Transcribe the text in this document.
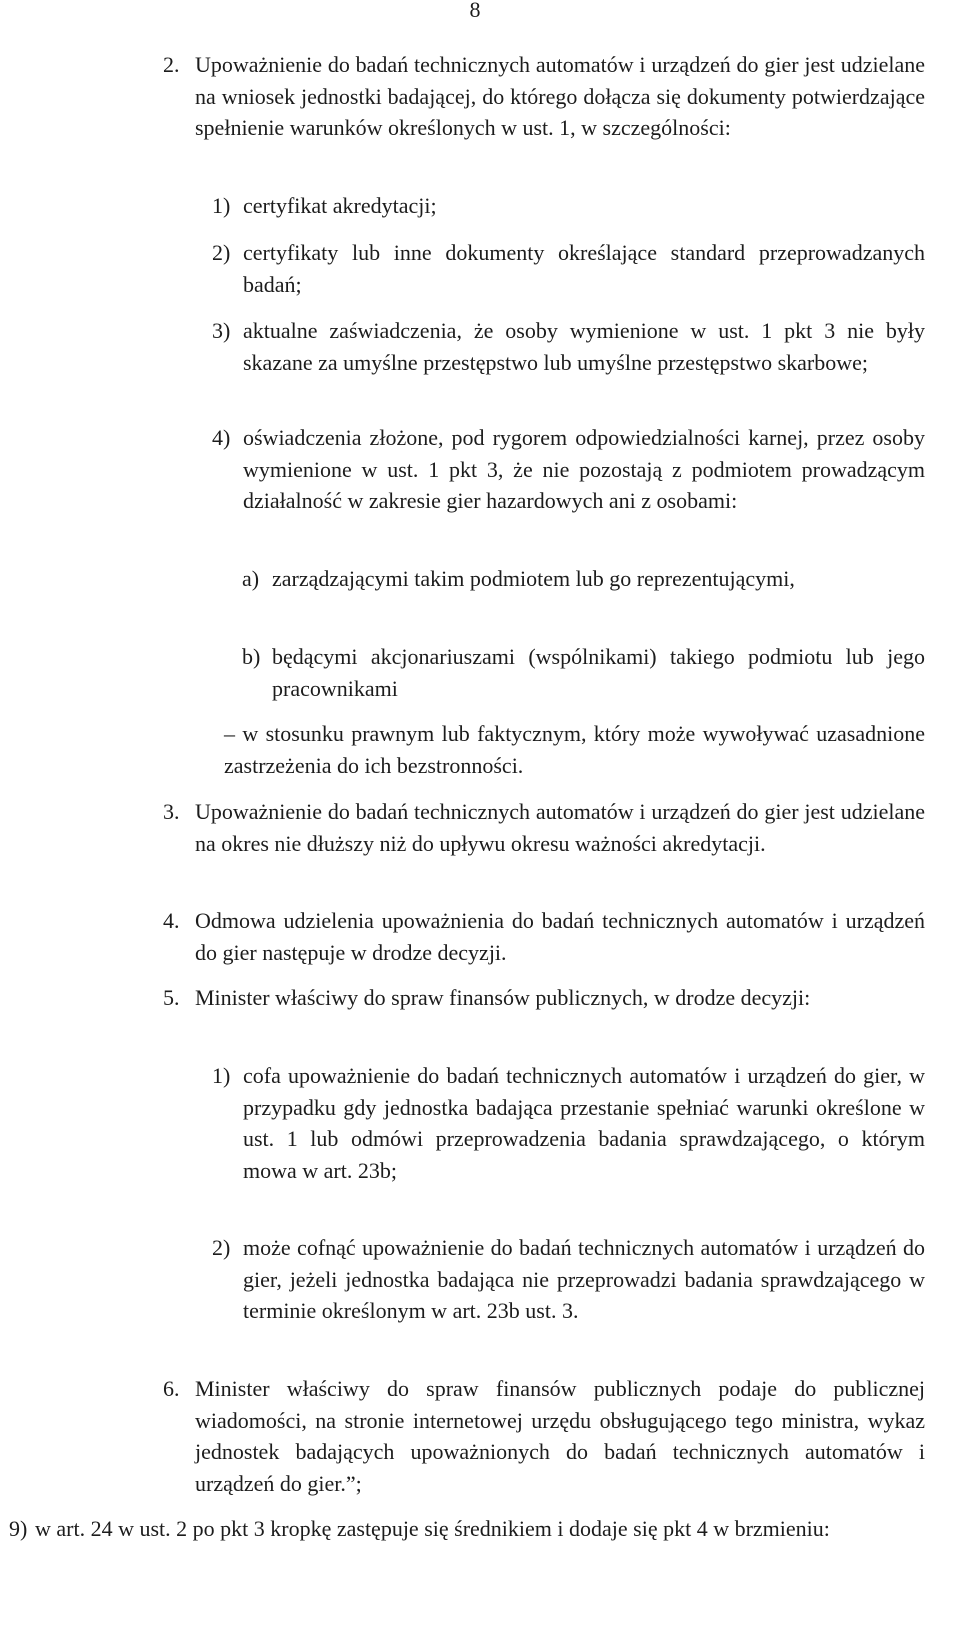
8

2. Upoważnienie do badań technicznych automatów i urządzeń do gier jest udzielane na wniosek jednostki badającej, do którego dołącza się dokumenty potwierdzające spełnienie warunków określonych w ust. 1, w szczególności:

1) certyfikat akredytacji;

2) certyfikaty lub inne dokumenty określające standard przeprowadzanych badań;

3) aktualne zaświadczenia, że osoby wymienione w ust. 1 pkt 3 nie były skazane za umyślne przestępstwo lub umyślne przestępstwo skarbowe;

4) oświadczenia złożone, pod rygorem odpowiedzialności karnej, przez osoby wymienione w ust. 1 pkt 3, że nie pozostają z podmiotem prowadzącym działalność w zakresie gier hazardowych ani z osobami:

a) zarządzającymi takim podmiotem lub go reprezentującymi,

b) będącymi akcjonariuszami (wspólnikami) takiego podmiotu lub jego pracownikami

– w stosunku prawnym lub faktycznym, który może wywoływać uzasadnione zastrzeżenia do ich bezstronności.

3. Upoważnienie do badań technicznych automatów i urządzeń do gier jest udzielane na okres nie dłuższy niż do upływu okresu ważności akredytacji.

4. Odmowa udzielenia upoważnienia do badań technicznych automatów i urządzeń do gier następuje w drodze decyzji.

5. Minister właściwy do spraw finansów publicznych, w drodze decyzji:

1) cofa upoważnienie do badań technicznych automatów i urządzeń do gier, w przypadku gdy jednostka badająca przestanie spełniać warunki określone w ust. 1 lub odmówi przeprowadzenia badania sprawdzającego, o którym mowa w art. 23b;

2) może cofnąć upoważnienie do badań technicznych automatów i urządzeń do gier, jeżeli jednostka badająca nie przeprowadzi badania sprawdzającego w terminie określonym w art. 23b ust. 3.

6. Minister właściwy do spraw finansów publicznych podaje do publicznej wiadomości, na stronie internetowej urzędu obsługującego tego ministra, wykaz jednostek badających upoważnionych do badań technicznych automatów i urządzeń do gier.”;

9) w art. 24 w ust. 2 po pkt 3 kropkę zastępuje się średnikiem i dodaje się pkt 4 w brzmieniu:
